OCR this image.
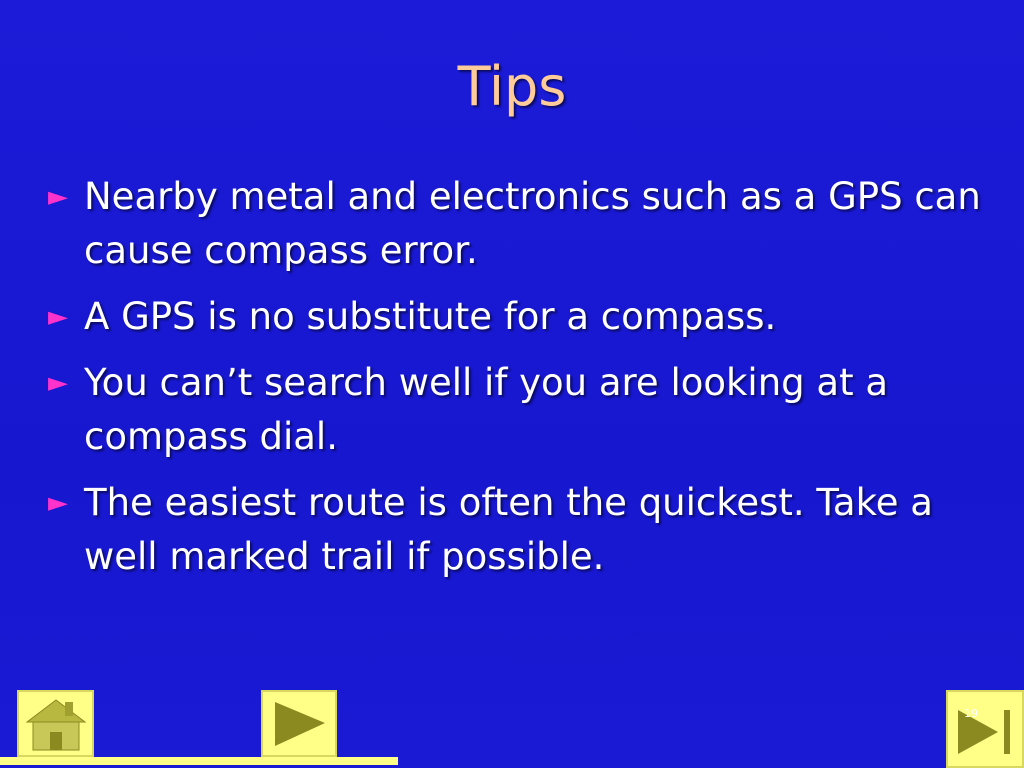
Tips
► Nearby metal and electronics such as a GPS can cause compass error.
► A GPS is no substitute for a compass.
► You can’t search well if you are looking at a compass dial.
► The easiest route is often the quickest. Take a well marked trail if possible.
19
